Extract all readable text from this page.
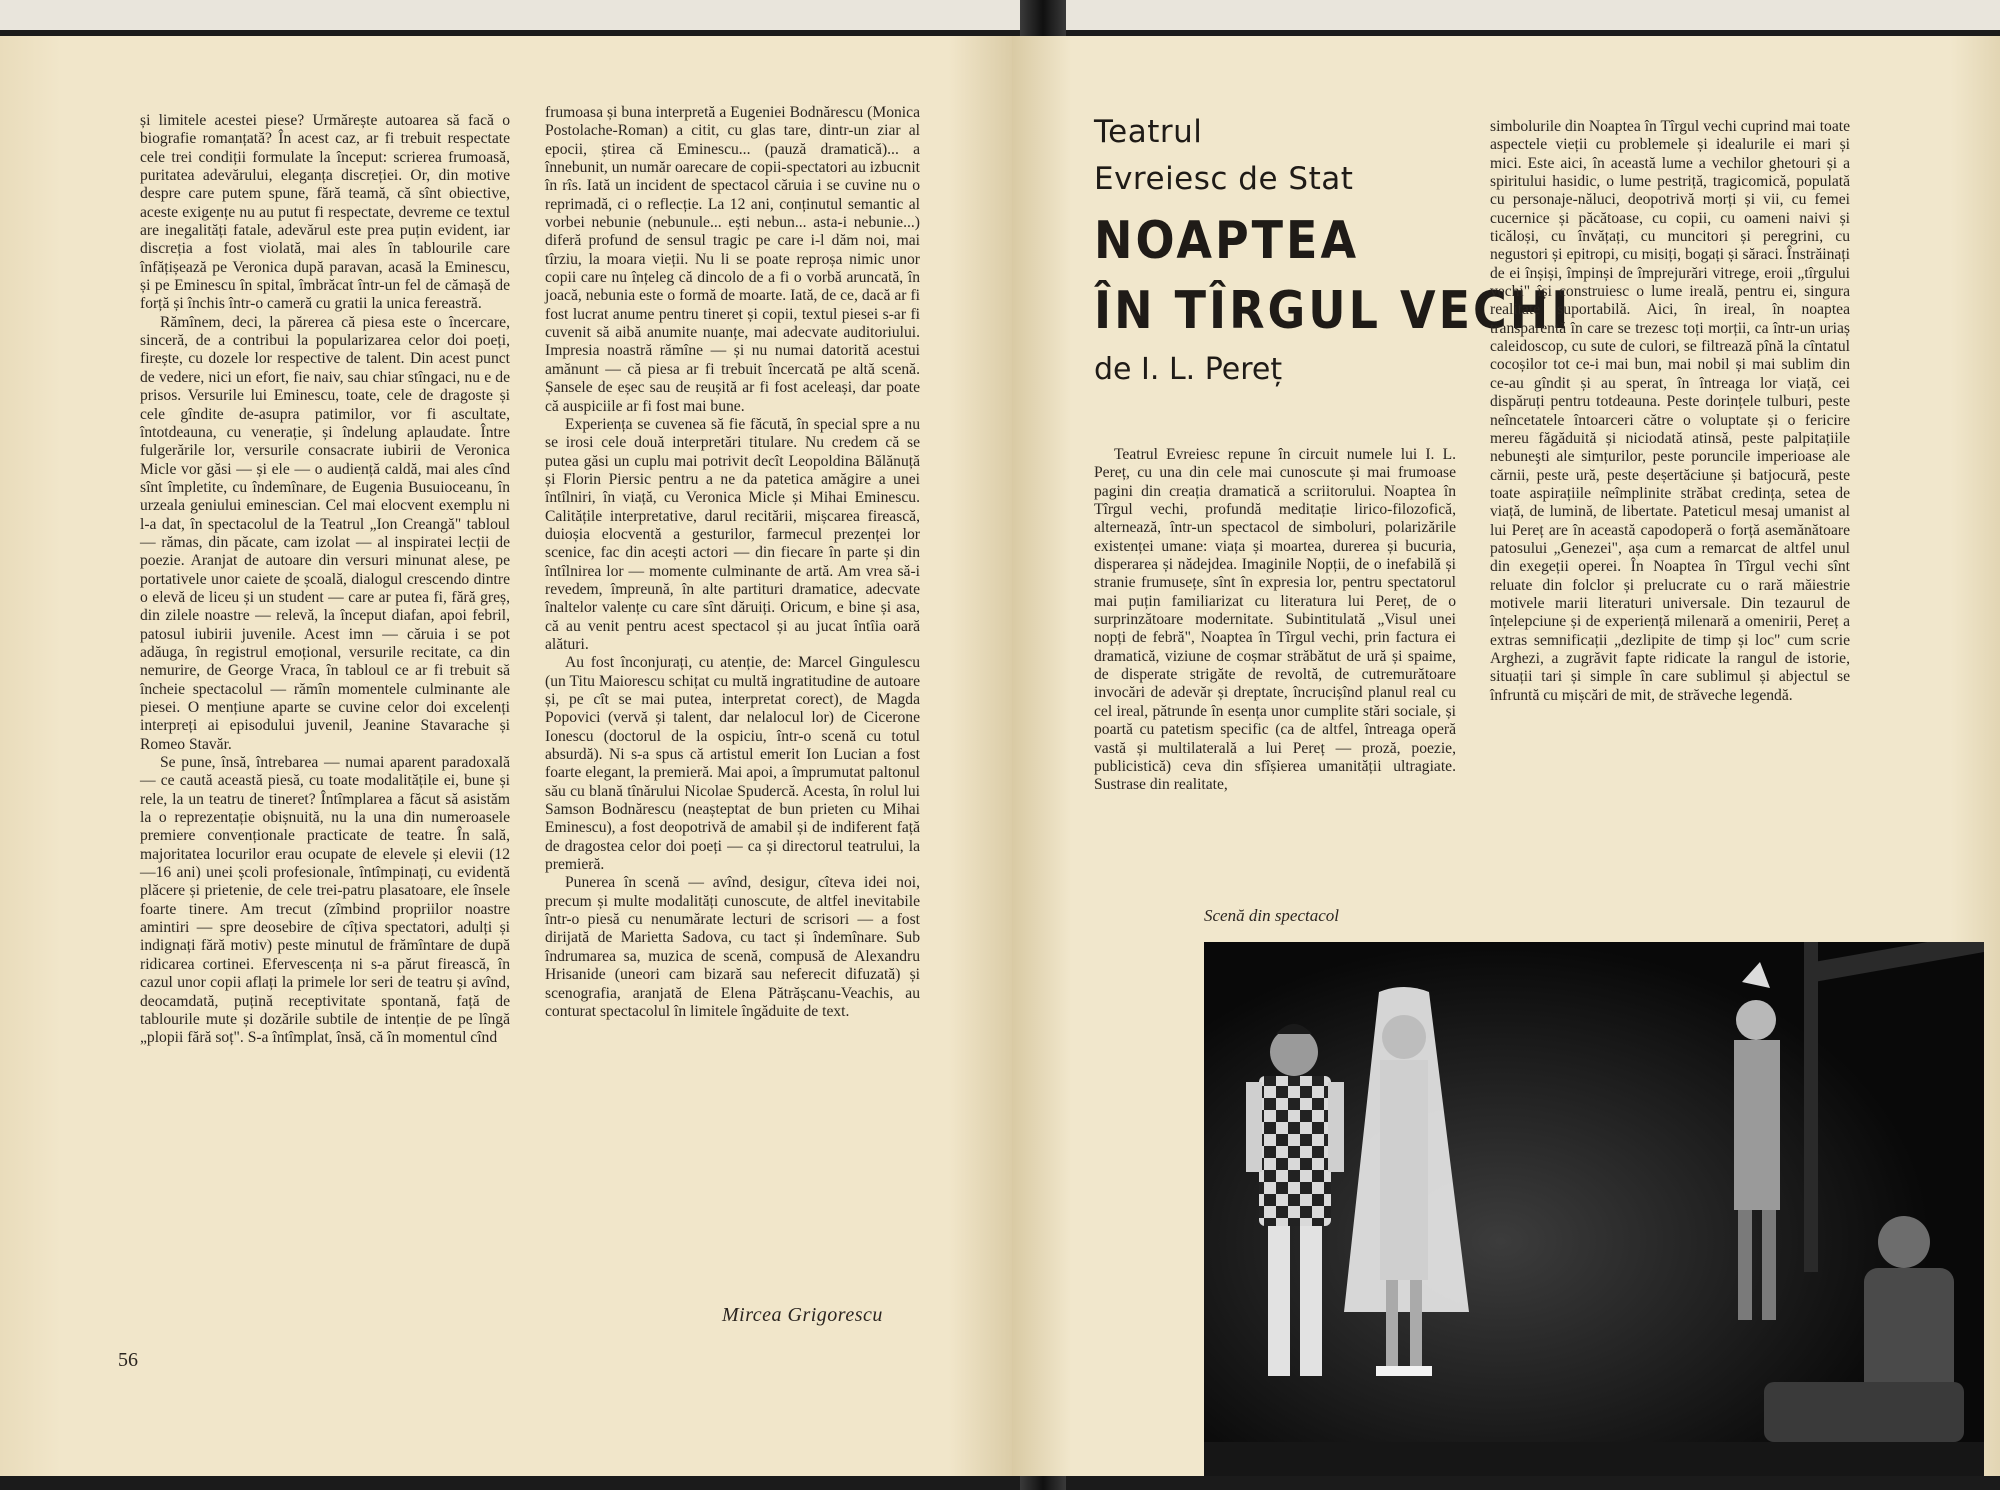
și limitele acestei piese? Urmărește autoarea să facă o biografie romanțată? În acest caz, ar fi trebuit respectate cele trei condiții formulate la început: scrierea frumoasă, puritatea adevărului, eleganța discreției. Or, din motive despre care putem spune, fără teamă, că sînt obiective, aceste exigențe nu au putut fi respectate, devreme ce textul are inegalități fatale, adevărul este prea puțin evident, iar discreția a fost violată, mai ales în tablourile care înfățișează pe Veronica după paravan, acasă la Eminescu, și pe Eminescu în spital, îmbrăcat într-un fel de cămașă de forță și închis într-o cameră cu gratii la unica fereastră.

Rămînem, deci, la părerea că piesa este o încercare, sinceră, de a contribui la popularizarea celor doi poeți, firește, cu dozele lor respective de talent. Din acest punct de vedere, nici un efort, fie naiv, sau chiar stîngaci, nu e de prisos. Versurile lui Eminescu, toate, cele de dragoste și cele gîndite de-asupra patimilor, vor fi ascultate, întotdeauna, cu venerație, și îndelung aplaudate. Între fulgerările lor, versurile consacrate iubirii de Veronica Micle vor găsi — și ele — o audiență caldă, mai ales cînd sînt împletite, cu îndemînare, de Eugenia Busuioceanu, în urzeala geniului eminescian. Cel mai elocvent exemplu ni l-a dat, în spectacolul de la Teatrul „Ion Creangă" tabloul — rămas, din păcate, cam izolat — al inspiratei lecții de poezie. Aranjat de autoare din versuri minunat alese, pe portativele unor caiete de școală, dialogul crescendo dintre o elevă de liceu și un student — care ar putea fi, fără greș, din zilele noastre — relevă, la început diafan, apoi febril, patosul iubirii juvenile. Acest imn — căruia i se pot adăuga, în registrul emoțional, versurile recitate, ca din nemurire, de George Vraca, în tabloul ce ar fi trebuit să încheie spectacolul — rămîn momentele culminante ale piesei. O mențiune aparte se cuvine celor doi excelenți interpreți ai episodului juvenil, Jeanine Stavarache și Romeo Stavăr.

Se pune, însă, întrebarea — numai aparent paradoxală — ce caută această piesă, cu toate modalitățile ei, bune și rele, la un teatru de tineret? Întîmplarea a făcut să asistăm la o reprezentație obișnuită, nu la una din numeroasele premiere convenționale practicate de teatre. În sală, majoritatea locurilor erau ocupate de elevele și elevii (12—16 ani) unei școli profesionale, întîmpinați, cu evidentă plăcere și prietenie, de cele trei-patru plasatoare, ele însele foarte tinere. Am trecut (zîmbind propriilor noastre amintiri — spre deosebire de cîțiva spectatori, adulți și indignați fără motiv) peste minutul de frămîntare de după ridicarea cortinei. Efervescența ni s-a părut firească, în cazul unor copii aflați la primele lor seri de teatru și avînd, deocamdată, puțină receptivitate spontană, față de tablourile mute și dozările subtile de intenție de pe lîngă „plopii fără soț". S-a întîmplat, însă, că în momentul cînd

frumoasa și buna interpretă a Eugeniei Bodnărescu (Monica Postolache-Roman) a citit, cu glas tare, dintr-un ziar al epocii, știrea că Eminescu... (pauză dramatică)... a înnebunit, un număr oarecare de copii-spectatori au izbucnit în rîs. Iată un incident de spectacol căruia i se cuvine nu o reprimadă, ci o reflecție. La 12 ani, conținutul semantic al vorbei nebunie (nebunule... ești nebun... asta-i nebunie...) diferă profund de sensul tragic pe care i-l dăm noi, mai tîrziu, la moara vieții. Nu li se poate reproșa nimic unor copii care nu înțeleg că dincolo de a fi o vorbă aruncată, în joacă, nebunia este o formă de moarte. Iată, de ce, dacă ar fi fost lucrat anume pentru tineret și copii, textul piesei s-ar fi cuvenit să aibă anumite nuanțe, mai adecvate auditoriului. Impresia noastră rămîne — și nu numai datorită acestui amănunt — că piesa ar fi trebuit încercată pe altă scenă. Șansele de eșec sau de reușită ar fi fost aceleași, dar poate că auspiciile ar fi fost mai bune.

Experiența se cuvenea să fie făcută, în special spre a nu se irosi cele două interpretări titulare. Nu credem că se putea găsi un cuplu mai potrivit decît Leopoldina Bălănuță și Florin Piersic pentru a ne da patetica amăgire a unei întîlniri, în viață, cu Veronica Micle și Mihai Eminescu. Calitățile interpretative, darul recitării, mișcarea firească, duioșia elocventă a gesturilor, farmecul prezenței lor scenice, fac din acești actori — din fiecare în parte și din întîlnirea lor — momente culminante de artă. Am vrea să-i revedem, împreună, în alte partituri dramatice, adecvate înaltelor valențe cu care sînt dăruiți. Oricum, e bine și asa, că au venit pentru acest spectacol și au jucat întîia oară alături.

Au fost înconjurați, cu atenție, de: Marcel Gingulescu (un Titu Maiorescu schițat cu multă ingratitudine de autoare și, pe cît se mai putea, interpretat corect), de Magda Popovici (vervă și talent, dar nelalocul lor) de Cicerone Ionescu (doctorul de la ospiciu, într-o scenă cu totul absurdă). Ni s-a spus că artistul emerit Ion Lucian a fost foarte elegant, la premieră. Mai apoi, a împrumutat paltonul său cu blană tînărului Nicolae Spudercă. Acesta, în rolul lui Samson Bodnărescu (neașteptat de bun prieten cu Mihai Eminescu), a fost deopotrivă de amabil și de indiferent față de dragostea celor doi poeți — ca și directorul teatrului, la premieră.

Punerea în scenă — avînd, desigur, cîteva idei noi, precum și multe modalități cunoscute, de altfel inevitabile într-o piesă cu nenumărate lecturi de scrisori — a fost dirijată de Marietta Sadova, cu tact și îndemînare. Sub îndrumarea sa, muzica de scenă, compusă de Alexandru Hrisanide (uneori cam bizară sau neferecit difuzată) și scenografia, aranjată de Elena Pătrășcanu-Veachis, au conturat spectacolul în limitele îngăduite de text.

Mircea Grigorescu
56
Teatrul
Evreiesc de Stat
NOAPTEA
ÎN TÎRGUL VECHI
de I. L. Pereț

Teatrul Evreiesc repune în circuit numele lui I. L. Pereț, cu una din cele mai cunoscute și mai frumoase pagini din creația dramatică a scriitorului. Noaptea în Tîrgul vechi, profundă meditație lirico-filozofică, alternează, într-un spectacol de simboluri, polarizările existenței umane: viața și moartea, durerea și bucuria, disperarea și nădejdea. Imaginile Nopții, de o inefabilă și stranie frumusețe, sînt în expresia lor, pentru spectatorul mai puțin familiarizat cu literatura lui Pereț, de o surprinzătoare modernitate. Subintitulată „Visul unei nopți de febră", Noaptea în Tîrgul vechi, prin factura ei dramatică, viziune de coșmar străbătut de ură și spaime, de disperate strigăte de revoltă, de cutremurătoare invocări de adevăr și dreptate, încrucișînd planul real cu cel ireal, pătrunde în esența unor cumplite stări sociale, și poartă cu patetism specific (ca de altfel, întreaga operă vastă și multilaterală a lui Pereț — proză, poezie, publicistică) ceva din sfîșierea umanității ultragiate. Sustrase din realitate,

simbolurile din Noaptea în Tîrgul vechi cuprind mai toate aspectele vieții cu problemele și idealurile ei mari și mici. Este aici, în această lume a vechilor ghetouri și a spiritului hasidic, o lume pestriță, tragicomică, populată cu personaje-năluci, deopotrivă morți și vii, cu femei cucernice și păcătoase, cu copii, cu oameni naivi și ticăloși, cu învățați, cu muncitori și peregrini, cu negustori și epitropi, cu misiți, bogați și săraci. Înstrăinați de ei înșiși, împinși de împrejurări vitrege, eroii „tîrgului vechi" își construiesc o lume ireală, pentru ei, singura realitate suportabilă. Aici, în ireal, în noaptea transparentă în care se trezesc toți morții, ca într-un uriaș caleidoscop, cu sute de culori, se filtrează pînă la cîntatul cocoșilor tot ce-i mai bun, mai nobil și mai sublim din ce-au gîndit și au sperat, în întreaga lor viață, cei dispăruți pentru totdeauna. Peste dorințele tulburi, peste neîncetatele întoarceri către o voluptate și o fericire mereu făgăduită și niciodată atinsă, peste palpitațiile nebuneşti ale simțurilor, peste poruncile imperioase ale cărnii, peste ură, peste deșertăciune și batjocură, peste toate aspirațiile neîmplinite străbat credința, setea de viață, de lumină, de libertate. Pateticul mesaj umanist al lui Pereț are în această capodoperă o forță asemănătoare patosului „Genezei", așa cum a remarcat de altfel unul din exegeții operei. În Noaptea în Tîrgul vechi sînt reluate din folclor și prelucrate cu o rară măiestrie motivele marii literaturi universale. Din tezaurul de înțelepciune și de experiență milenară a omenirii, Pereț a extras semnificații „dezlipite de timp și loc" cum scrie Arghezi, a zugrăvit fapte ridicate la rangul de istorie, situații tari și simple în care sublimul și abjectul se înfruntă cu mișcări de mit, de străveche legendă.

Scenă din spectacol
